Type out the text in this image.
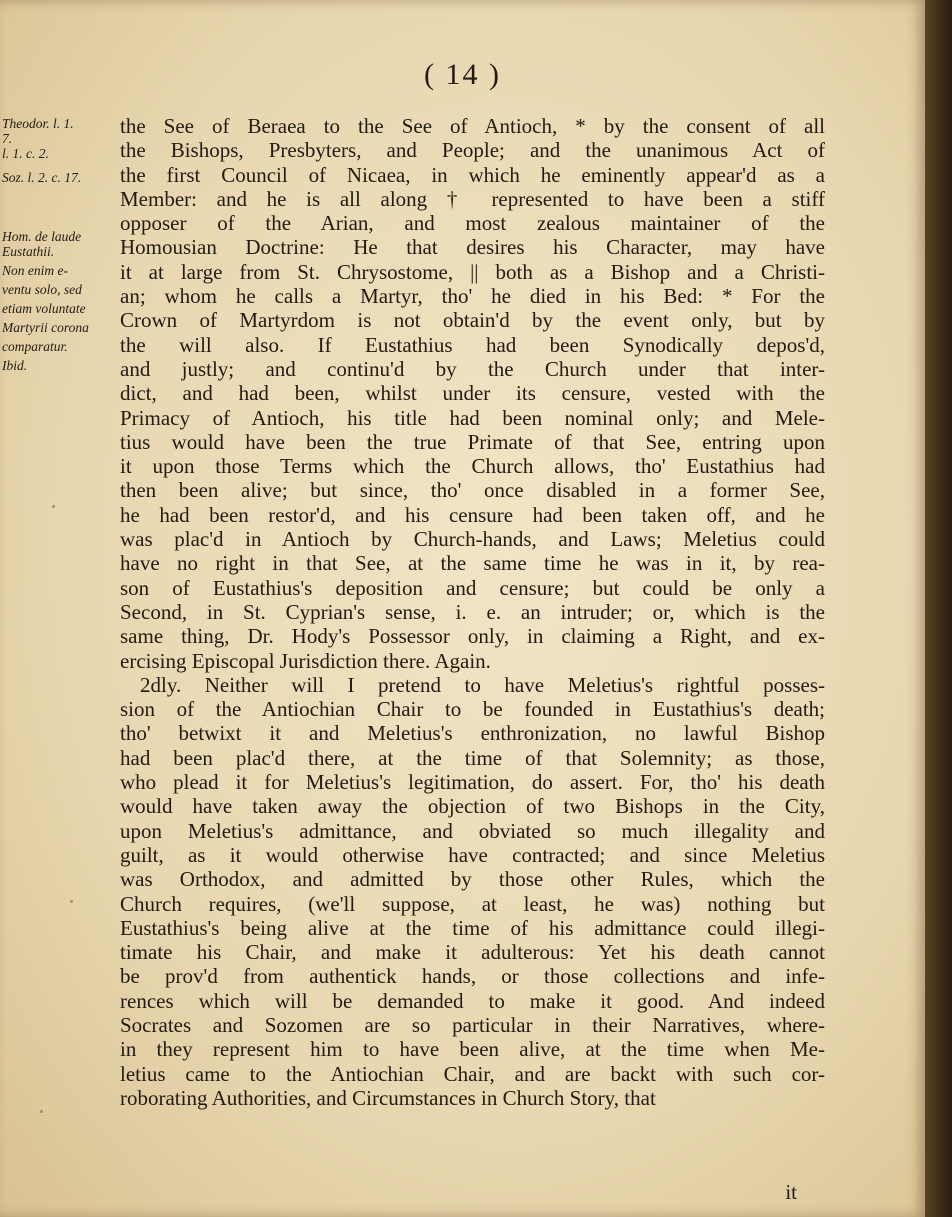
( 14 )
Theodor. l. 1.
7.
l. 1. c. 2.
Soz. l. 2. c. 17.

Hom. de laude
Eustathii.
Non enim e-
ventu solo, sed
etiam voluntate
Martyrii corona
comparatur.
Ibid.
the See of Beraea to the See of Antioch, * by the consent of all
the Bishops, Presbyters, and People; and the unanimous Act of
the first Council of Nicaea, in which he eminently appear'd as a
Member: and he is all along † represented to have been a stiff
opposer of the Arian, and most zealous maintainer of the
Homousian Doctrine: He that desires his Character, may have
it at large from St. Chrysostome, || both as a Bishop and a Christi-
an; whom he calls a Martyr, tho' he died in his Bed: * For the
Crown of Martyrdom is not obtain'd by the event only, but by
the will also. If Eustathius had been Synodically depos'd,
and justly; and continu'd by the Church under that inter-
dict, and had been, whilst under its censure, vested with the
Primacy of Antioch, his title had been nominal only; and Mele-
tius would have been the true Primate of that See, entring upon
it upon those Terms which the Church allows, tho' Eustathius had
then been alive; but since, tho' once disabled in a former See,
he had been restor'd, and his censure had been taken off, and he
was plac'd in Antioch by Church-hands, and Laws; Meletius could
have no right in that See, at the same time he was in it, by rea-
son of Eustathius's deposition and censure; but could be only a
Second, in St. Cyprian's sense, i. e. an intruder; or, which is the
same thing, Dr. Hody's Possessor only, in claiming a Right, and ex-
ercising Episcopal Jurisdiction there. Again.
2dly. Neither will I pretend to have Meletius's rightful posses-
sion of the Antiochian Chair to be founded in Eustathius's death;
tho' betwixt it and Meletius's enthronization, no lawful Bishop
had been plac'd there, at the time of that Solemnity; as those,
who plead it for Meletius's legitimation, do assert. For, tho' his death
would have taken away the objection of two Bishops in the City,
upon Meletius's admittance, and obviated so much illegality and
guilt, as it would otherwise have contracted; and since Meletius
was Orthodox, and admitted by those other Rules, which the
Church requires, (we'll suppose, at least, he was) nothing but
Eustathius's being alive at the time of his admittance could illegi-
timate his Chair, and make it adulterous: Yet his death cannot
be prov'd from authentick hands, or those collections and infe-
rences which will be demanded to make it good. And indeed
Socrates and Sozomen are so particular in their Narratives, where-
in they represent him to have been alive, at the time when Me-
letius came to the Antiochian Chair, and are backt with such cor-
roborating Authorities, and Circumstances in Church Story, that
it
